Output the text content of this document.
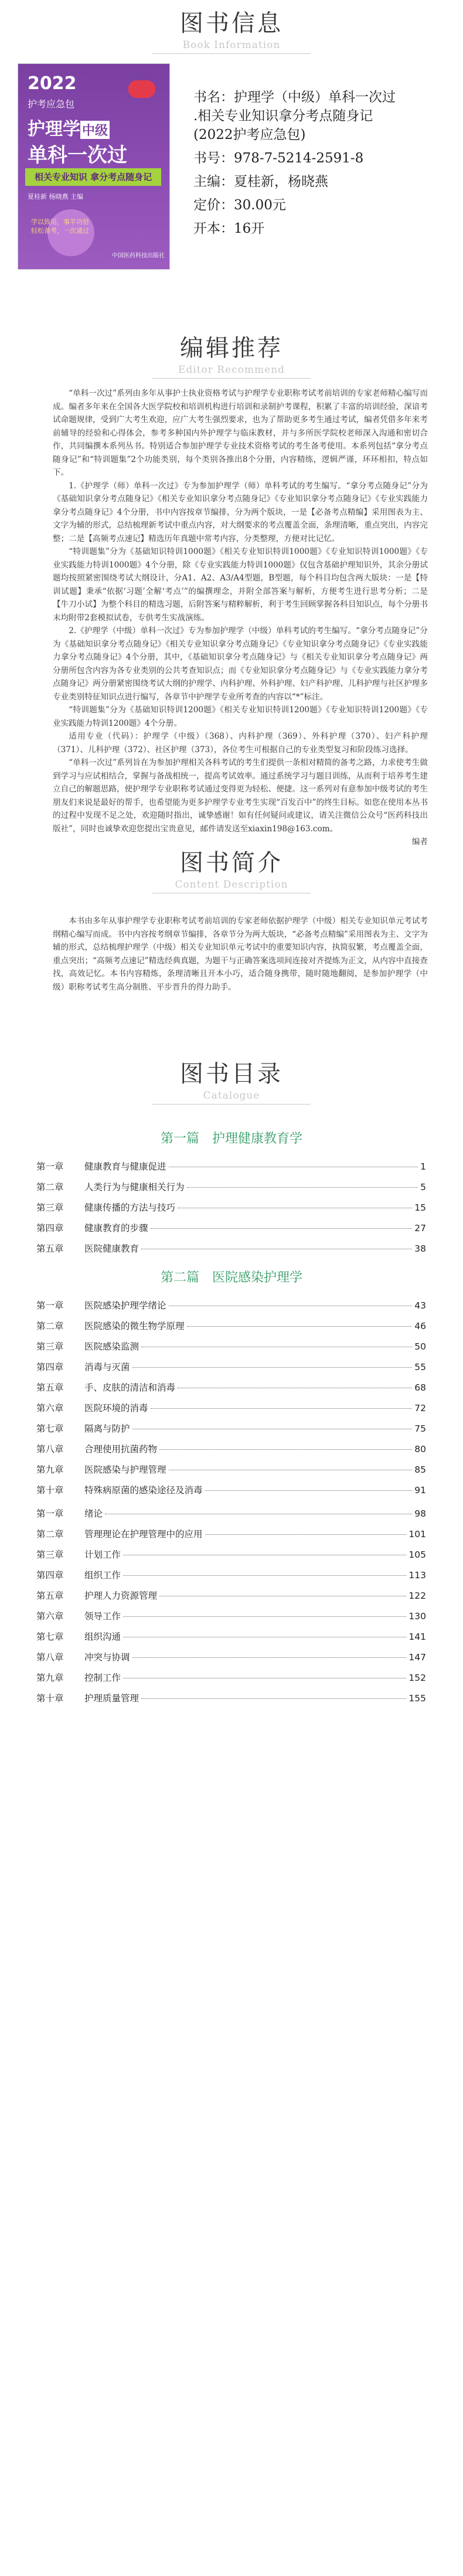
图书信息
Book Information
2022
护考应急包
护理学 中级
单科一次过
相关专业知识 拿分考点随身记
夏桂新 杨晓燕 主编
学以致用，事半功倍
轻松备考，一次通过
中国医药科技出版社
书名：护理学（中级）单科一次过
.相关专业知识拿分考点随身记
(2022护考应急包)
书号：978-7-5214-2591-8
主编：夏桂新，杨晓燕
定价：30.00元
开本：16开
编辑推荐
Editor Recommend

“单科一次过”系列由多年从事护士执业资格考试与护理学专业职称考试考前培训的专家老师精心编写而成。编者多年来在全国各大医学院校和培训机构进行培训和录制护考课程，积累了丰富的培训经验，深谙考试命题规律，受到广大考生欢迎，应广大考生强烈要求，也为了帮助更多考生通过考试，编者凭借多年来考前辅导的经验和心得体会，参考多种国内外护理学与临床教材，并与多所医学院校老师深入沟通和密切合作，共同编撰本系列丛书。特别适合参加护理学专业技术资格考试的考生备考使用。本系列包括“拿分考点随身记”和“特训题集”2个功能类别，每个类别各推出8个分册，内容精练，逻辑严谨，环环相扣，特点如下。

1.《护理学（师）单科一次过》专为参加护理学（师）单科考试的考生编写。“拿分考点随身记”分为《基础知识拿分考点随身记》《相关专业知识拿分考点随身记》《专业知识拿分考点随身记》《专业实践能力拿分考点随身记》4个分册，书中内容按章节编排，分为两个版块，一是【必备考点精编】采用图表为主、文字为辅的形式，总结梳理新考试中重点内容，对大纲要求的考点覆盖全面，条理清晰，重点突出，内容完整；二是【高频考点速记】精选历年真题中常考内容，分类整理，方便对比记忆。

“特训题集”分为《基础知识特训1000题》《相关专业知识特训1000题》《专业知识特训1000题》《专业实践能力特训1000题》4个分册，除《专业实践能力特训1000题》仅包含基础护理知识外，其余分册试题均按照紧密围绕考试大纲设计，分A1、A2、A3/A4型题，B型题，每个科目均包含两大版块：一是【特训试题】秉承“依据‘习题’全解‘考点’”的编撰理念，并附全部答案与解析，方便考生进行思考分析；二是【牛刀小试】为整个科目的精选习题，后附答案与精粹解析，利于考生回顾掌握各科目知识点，每个分册书末均附带2套模拟试卷，专供考生实战演练。

2.《护理学（中级）单科一次过》专为参加护理学（中级）单科考试的考生编写。“拿分考点随身记”分为《基础知识拿分考点随身记》《相关专业知识拿分考点随身记》《专业知识拿分考点随身记》《专业实践能力拿分考点随身记》4个分册，其中，《基础知识拿分考点随身记》与《相关专业知识拿分考点随身记》两分册所包含内容为各专业类别的公共考查知识点；而《专业知识拿分考点随身记》与《专业实践能力拿分考点随身记》两分册紧密围绕考试大纲的护理学、内科护理、外科护理、妇产科护理、儿科护理与社区护理多专业类别特征知识点进行编写，各章节中护理学专业所考查的内容以“*”标注。

“特训题集”分为《基础知识特训1200题》《相关专业知识特训1200题》《专业知识特训1200题》《专业实践能力特训1200题》4个分册。

适用专业（代码）：护理学（中级）（368）、内科护理（369）、外科护理（370）、妇产科护理（371）、儿科护理（372）、社区护理（373），各位考生可根据自己的专业类型复习和阶段练习选择。

“单科一次过”系列旨在为参加护理相关各科考试的考生们提供一条相对精简的备考之路，力求使考生做到学习与应试相结合，掌握与备战相统一，提高考试效率。通过系统学习与题目训练，从而利于培养考生建立自己的解题思路，使护理学专业职称考试通过变得更为轻松、便捷。这一系列对有意参加中级考试的考生朋友们来说是最好的帮手，也希望能为更多护理学专业考生实现“百发百中”的终生目标。如您在使用本丛书的过程中发现不足之处，欢迎随时指出，诚挚感谢！如有任何疑问或建议，请关注微信公众号“医药科技出版社”，同时也诚挚欢迎您提出宝贵意见，邮件请发送至xiaxin198@163.com。

编者

图书简介
Content Description

本书由多年从事护理学专业职称考试考前培训的专家老师依据护理学（中级）相关专业知识单元考试考纲精心编写而成。书中内容按考纲章节编排，各章节分为两大版块，“必备考点精编”采用图表为主、文字为辅的形式，总结梳理护理学（中级）相关专业知识单元考试中的重要知识内容，执简驭繁，考点覆盖全面，重点突出；“高频考点速记”精选经典真题，为题干与正确答案选项间连接对齐提炼为正文，从内容中直接查找，高效记忆。本书内容精炼，条理清晰且开本小巧，适合随身携带，随时随地翻阅，是参加护理学（中级）职称考试考生高分制胜、平步晋升的得力助手。

图书目录
Catalogue
第一篇　护理健康教育学
第一章	健康教育与健康促进	1
第二章	人类行为与健康相关行为	5
第三章	健康传播的方法与技巧	15
第四章	健康教育的步骤	27
第五章	医院健康教育	38
第二篇　医院感染护理学
第一章	医院感染护理学绪论	43
第二章	医院感染的微生物学原理	46
第三章	医院感染监测	50
第四章	消毒与灭菌	55
第五章	手、皮肤的清洁和消毒	68
第六章	医院环境的消毒	72
第七章	隔离与防护	75
第八章	合理使用抗菌药物	80
第九章	医院感染与护理管理	85
第十章	特殊病原菌的感染途径及消毒	91
第一章	绪论	98
第二章	管理理论在护理管理中的应用	101
第三章	计划工作	105
第四章	组织工作	113
第五章	护理人力资源管理	122
第六章	领导工作	130
第七章	组织沟通	141
第八章	冲突与协调	147
第九章	控制工作	152
第十章	护理质量管理	155
